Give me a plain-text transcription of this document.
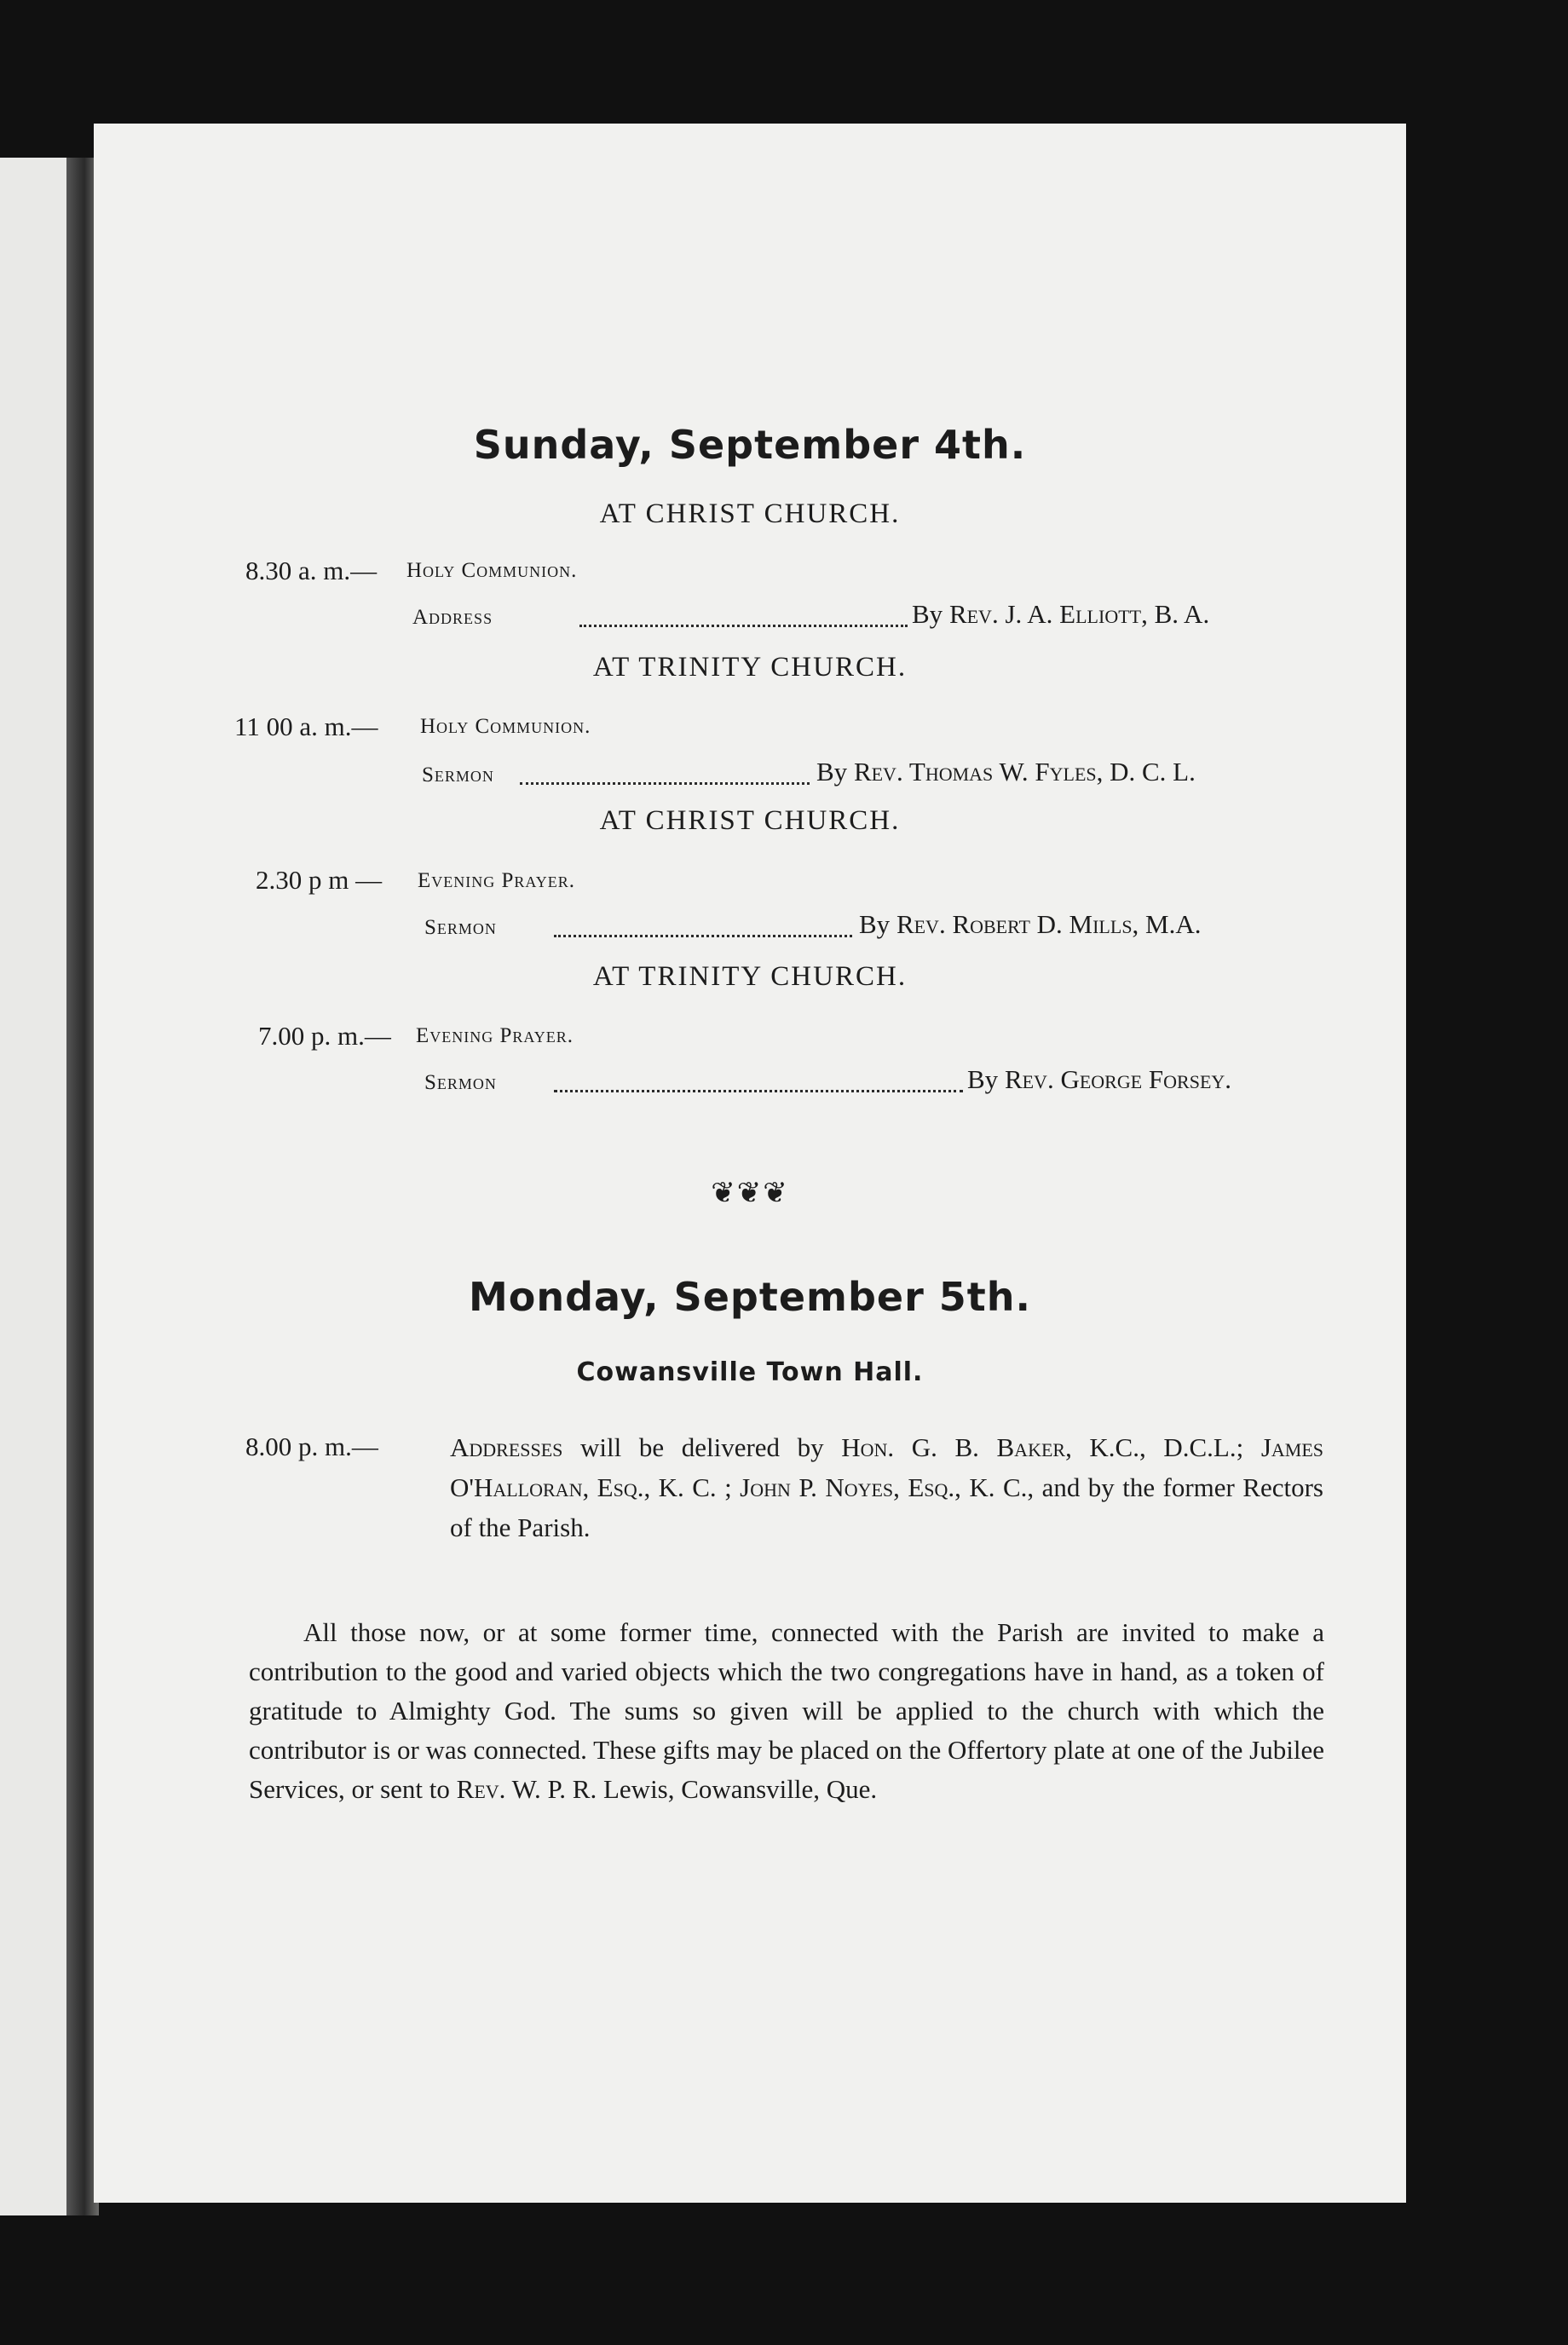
Sunday, September 4th.
AT CHRIST CHURCH.
8.30 a. m.— Holy Communion.
Address	By Rev. J. A. Elliott, B. A.
AT TRINITY CHURCH.
11 00 a. m.— Holy Communion.
Sermon	By Rev. Thomas W. Fyles, D. C. L.
AT CHRIST CHURCH.
2.30 p m — Evening Prayer.
Sermon	By Rev. Robert D. Mills, M.A.
AT TRINITY CHURCH.
7.00 p. m.— Evening Prayer.
Sermon	By Rev. George Forsey.
❦❦❦
Monday, September 5th.
Cowansville Town Hall.
8.00 p. m.—	Addresses will be delivered by Hon. G. B. Baker, K.C., D.C.L.; James O'Halloran, Esq., K. C. ; John P. Noyes, Esq., K. C., and by the former Rectors of the Parish.

All those now, or at some former time, connected with the Parish are invited to make a contribution to the good and varied objects which the two congregations have in hand, as a token of gratitude to Almighty God. The sums so given will be applied to the church with which the contributor is or was connected. These gifts may be placed on the Offertory plate at one of the Jubilee Services, or sent to Rev. W. P. R. Lewis, Cowansville, Que.
